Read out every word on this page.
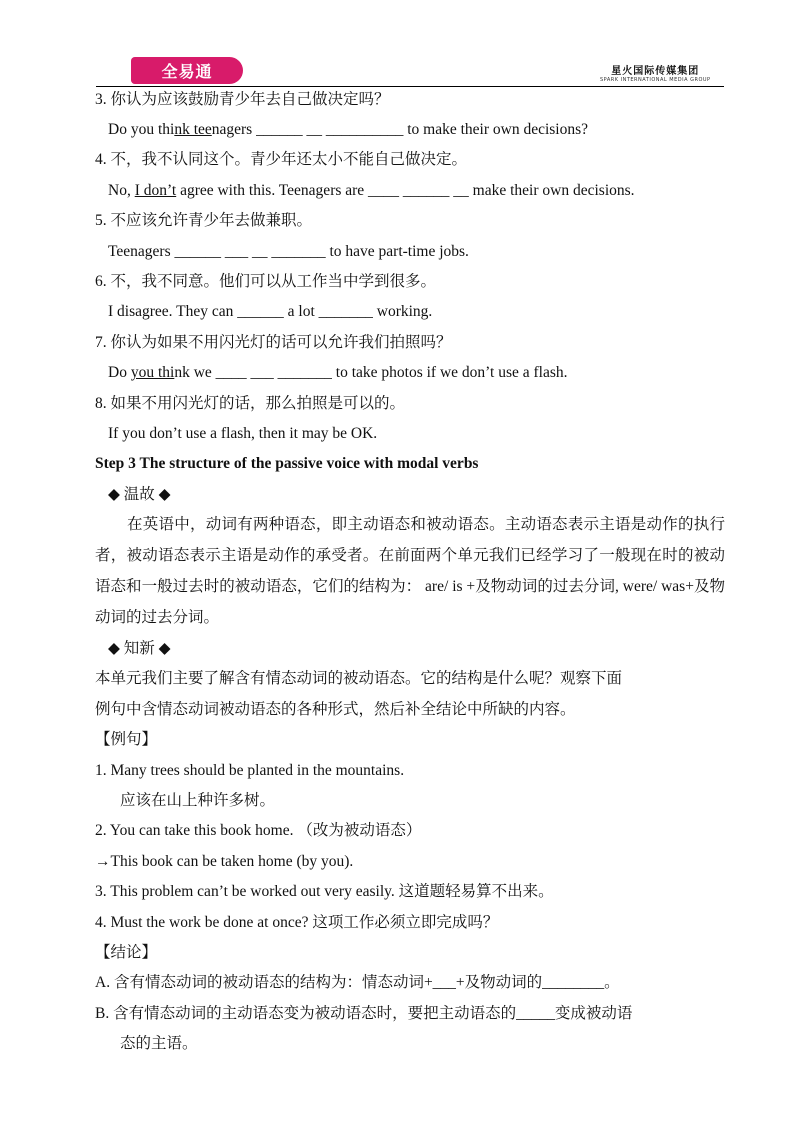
全易通	星火国际传媒集团
SPARK INTERNATIONAL MEDIA GROUP
3. 你认为应该鼓励青少年去自己做决定吗？
Do you think teenagers ______ __ __________ to make their own decisions?
4. 不，我不认同这个。青少年还太小不能自己做决定。
No, I don’t agree with this. Teenagers are ____ ______ __ make their own decisions.
5. 不应该允许青少年去做兼职。
Teenagers ______ ___ __ _______ to have part-time jobs.
6. 不，我不同意。他们可以从工作当中学到很多。
I disagree. They can ______ a lot _______ working.
7. 你认为如果不用闪光灯的话可以允许我们拍照吗？
Do you think we ____ ___ _______ to take photos if we don’t use a flash.
8. 如果不用闪光灯的话，那么拍照是可以的。
If you don’t use a flash, then it may be OK.
Step 3 The structure of the passive voice with modal verbs
◆ 温故 ◆
在英语中，动词有两种语态，即主动语态和被动语态。主动语态表示主语是动作的执行者，被动语态表示主语是动作的承受者。在前面两个单元我们已经学习了一般现在时的被动语态和一般过去时的被动语态，它们的结构为： are/ is +及物动词的过去分词, were/ was+及物动词的过去分词。
◆ 知新 ◆
本单元我们主要了解含有情态动词的被动语态。它的结构是什么呢？观察下面
例句中含情态动词被动语态的各种形式，然后补全结论中所缺的内容。
【例句】
1. Many trees should be planted in the mountains.
应该在山上种许多树。
2. You can take this book home. （改为被动语态）
→This book can be taken home (by you).
3. This problem can’t be worked out very easily. 这道题轻易算不出来。
4. Must the work be done at once? 这项工作必须立即完成吗？
【结论】
A. 含有情态动词的被动语态的结构为：情态动词+___+及物动词的________。
B. 含有情态动词的主动语态变为被动语态时，要把主动语态的_____变成被动语
态的主语。
